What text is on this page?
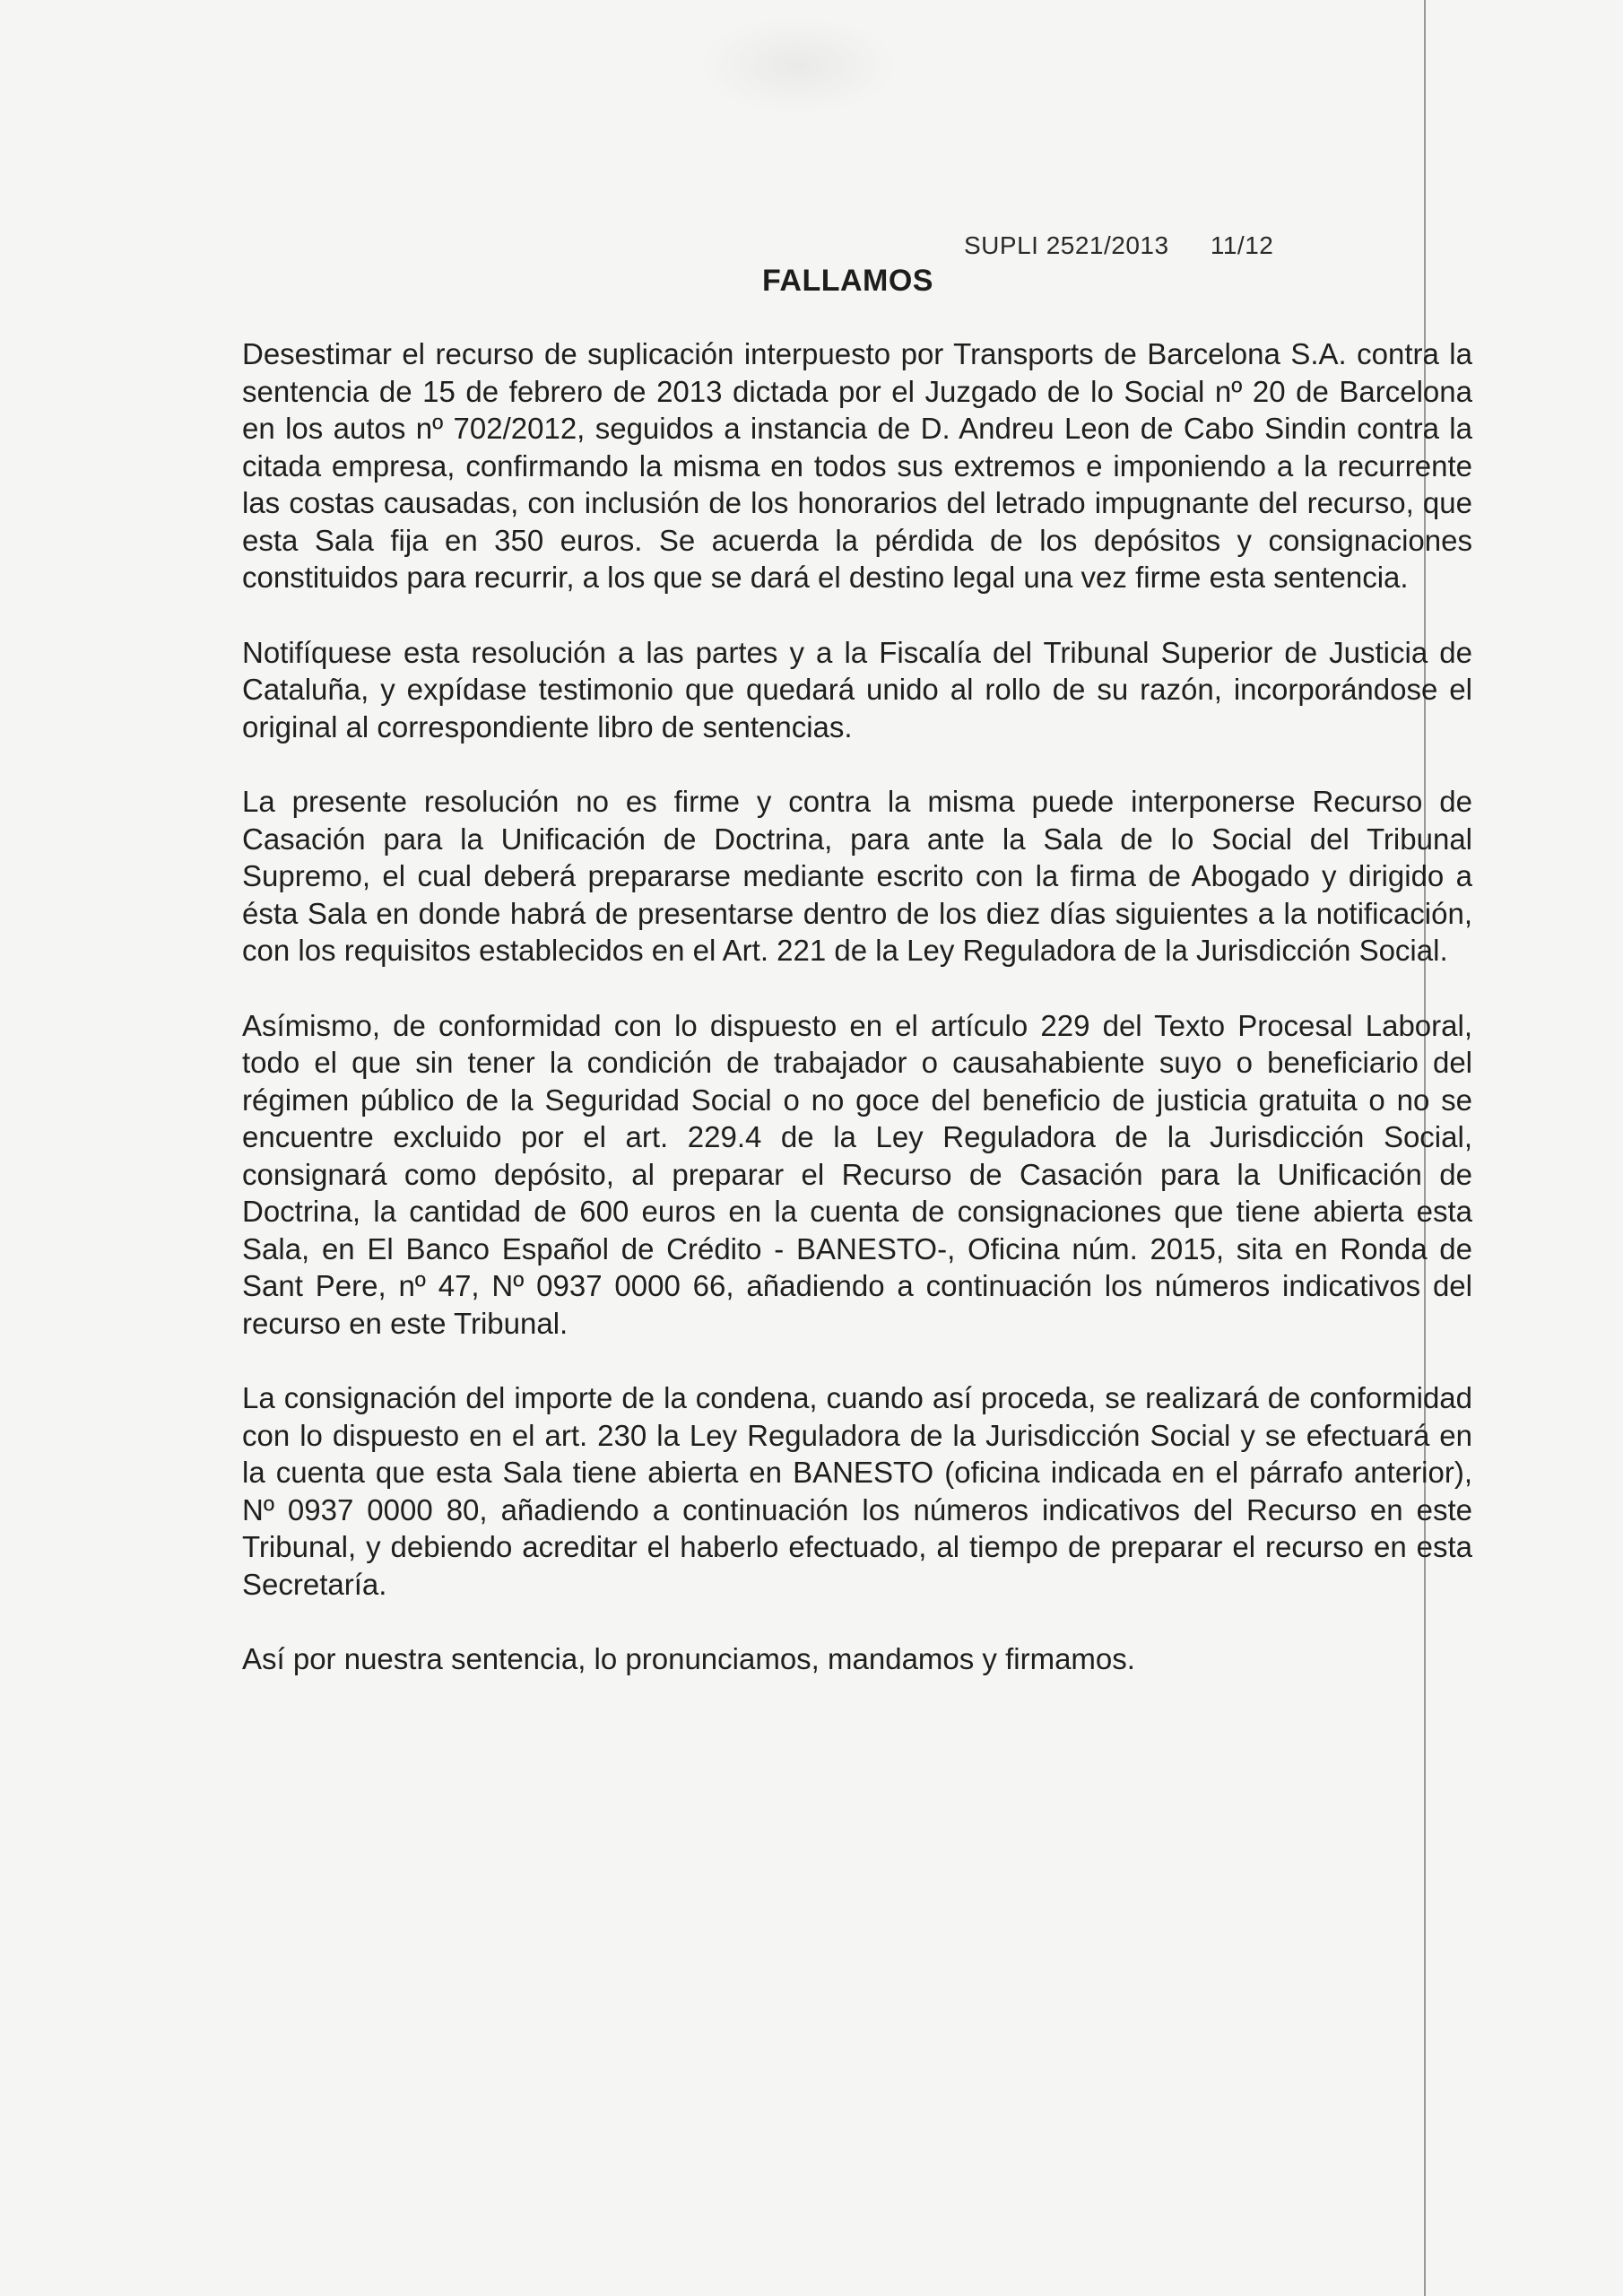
SUPLI 2521/2013 11/12
FALLAMOS

Desestimar el recurso de suplicación interpuesto por Transports de Barcelona S.A. contra la sentencia de 15 de febrero de 2013 dictada por el Juzgado de lo Social nº 20 de Barcelona en los autos nº 702/2012, seguidos a instancia de D. Andreu Leon de Cabo Sindin contra la citada empresa, confirmando la misma en todos sus extremos e imponiendo a la recurrente las costas causadas, con inclusión de los honorarios del letrado impugnante del recurso, que esta Sala fija en 350 euros. Se acuerda la pérdida de los depósitos y consignaciones constituidos para recurrir, a los que se dará el destino legal una vez firme esta sentencia.

Notifíquese esta resolución a las partes y a la Fiscalía del Tribunal Superior de Justicia de Cataluña, y expídase testimonio que quedará unido al rollo de su razón, incorporándose el original al correspondiente libro de sentencias.

La presente resolución no es firme y contra la misma puede interponerse Recurso de Casación para la Unificación de Doctrina, para ante la Sala de lo Social del Tribunal Supremo, el cual deberá prepararse mediante escrito con la firma de Abogado y dirigido a ésta Sala en donde habrá de presentarse dentro de los diez días siguientes a la notificación, con los requisitos establecidos en el Art. 221 de la Ley Reguladora de la Jurisdicción Social.

Asímismo, de conformidad con lo dispuesto en el artículo 229 del Texto Procesal Laboral, todo el que sin tener la condición de trabajador o causahabiente suyo o beneficiario del régimen público de la Seguridad Social o no goce del beneficio de justicia gratuita o no se encuentre excluido por el art. 229.4 de la Ley Reguladora de la Jurisdicción Social, consignará como depósito, al preparar el Recurso de Casación para la Unificación de Doctrina, la cantidad de 600 euros en la cuenta de consignaciones que tiene abierta esta Sala, en El Banco Español de Crédito - BANESTO-, Oficina núm. 2015, sita en Ronda de Sant Pere, nº 47, Nº 0937 0000 66, añadiendo a continuación los números indicativos del recurso en este Tribunal.

La consignación del importe de la condena, cuando así proceda, se realizará de conformidad con lo dispuesto en el art. 230 la Ley Reguladora de la Jurisdicción Social y se efectuará en la cuenta que esta Sala tiene abierta en BANESTO (oficina indicada en el párrafo anterior), Nº 0937 0000 80, añadiendo a continuación los números indicativos del Recurso en este Tribunal, y debiendo acreditar el haberlo efectuado, al tiempo de preparar el recurso en esta Secretaría.

Así por nuestra sentencia, lo pronunciamos, mandamos y firmamos.
